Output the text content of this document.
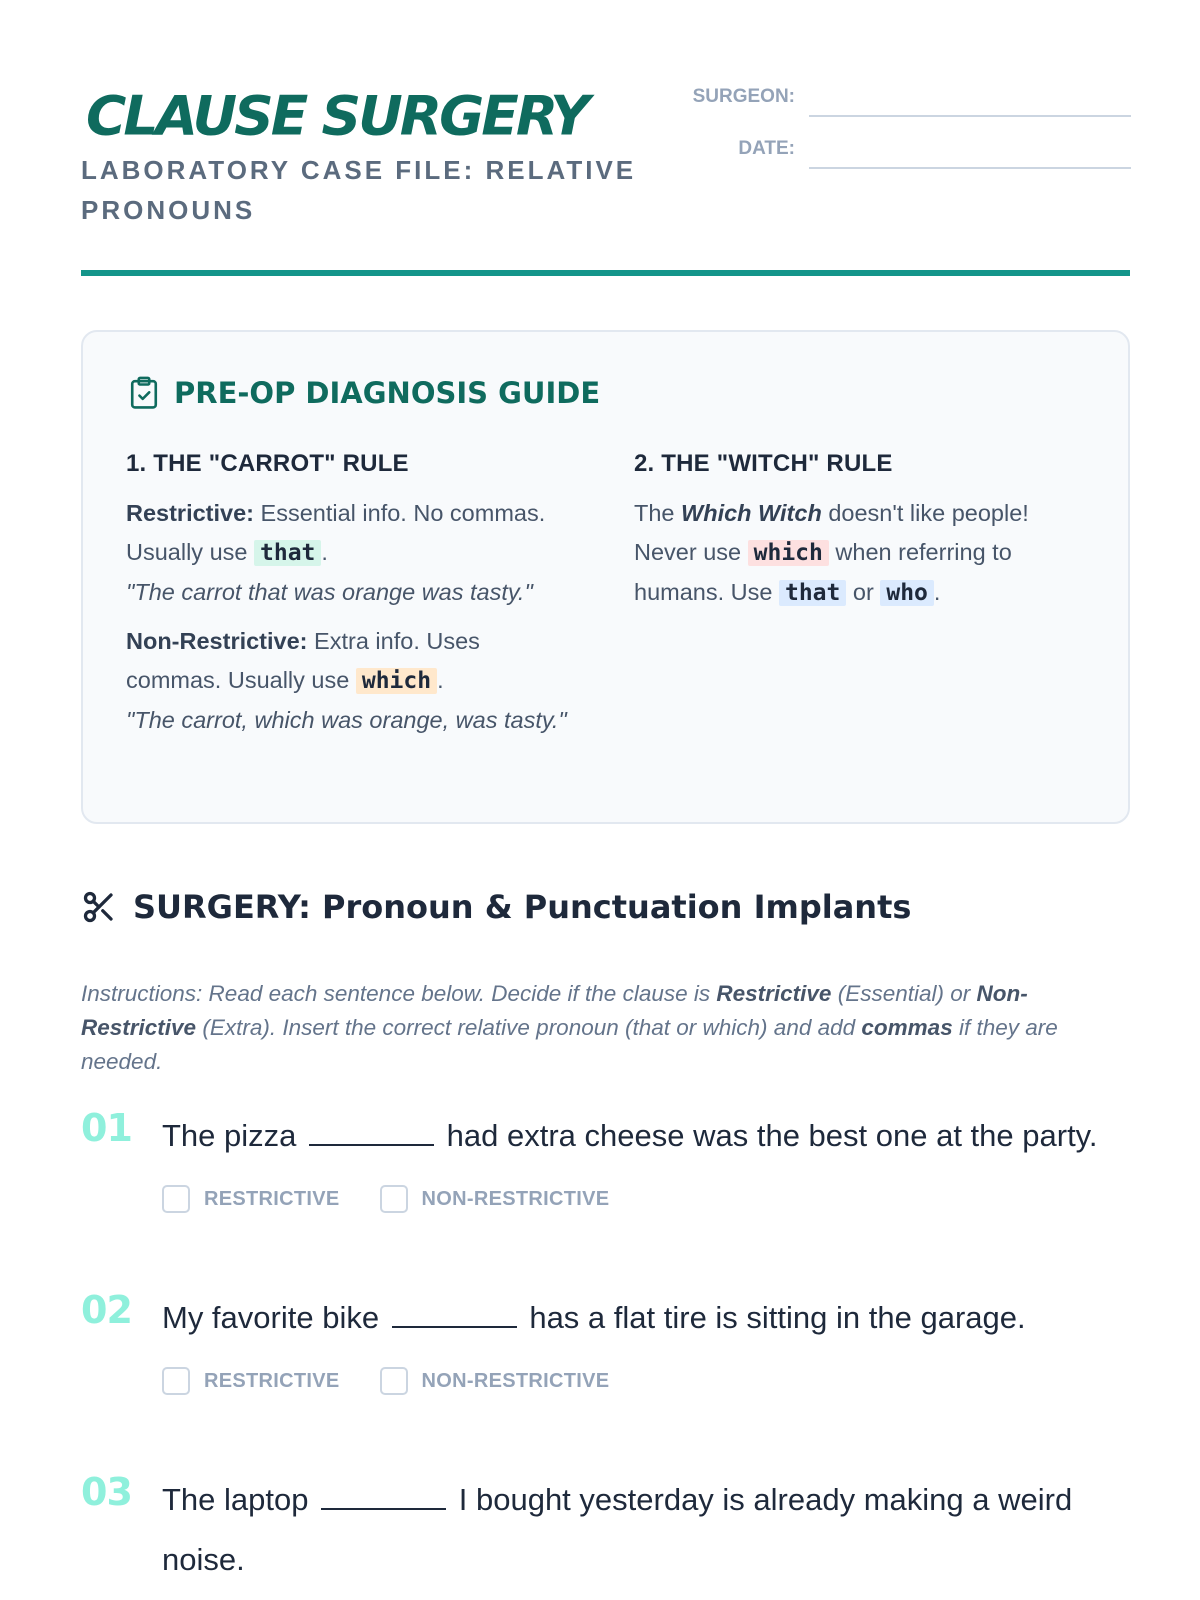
CLAUSE SURGERY
LABORATORY CASE FILE: RELATIVE PRONOUNS
SURGEON:
DATE:
PRE-OP DIAGNOSIS GUIDE
1. THE "CARROT" RULE

Restrictive: Essential info. No commas. Usually use that .

"The carrot that was orange was tasty."

Non-Restrictive: Extra info. Uses commas. Usually use which .

"The carrot, which was orange, was tasty."

2. THE "WITCH" RULE

The Which Witch doesn't like people! Never use which when referring to humans. Use that or who .

SURGERY: Pronoun & Punctuation Implants
Instructions: Read each sentence below. Decide if the clause is Restrictive (Essential) or Non-Restrictive (Extra). Insert the correct relative pronoun (that or which) and add commas if they are needed.
01 The pizza	had extra cheese was the best one at the party.
RESTRICTIVE	NON-RESTRICTIVE
02 My favorite bike	has a flat tire is sitting in the garage.
RESTRICTIVE	NON-RESTRICTIVE
03 The laptop	I bought yesterday is already making a weird noise.
